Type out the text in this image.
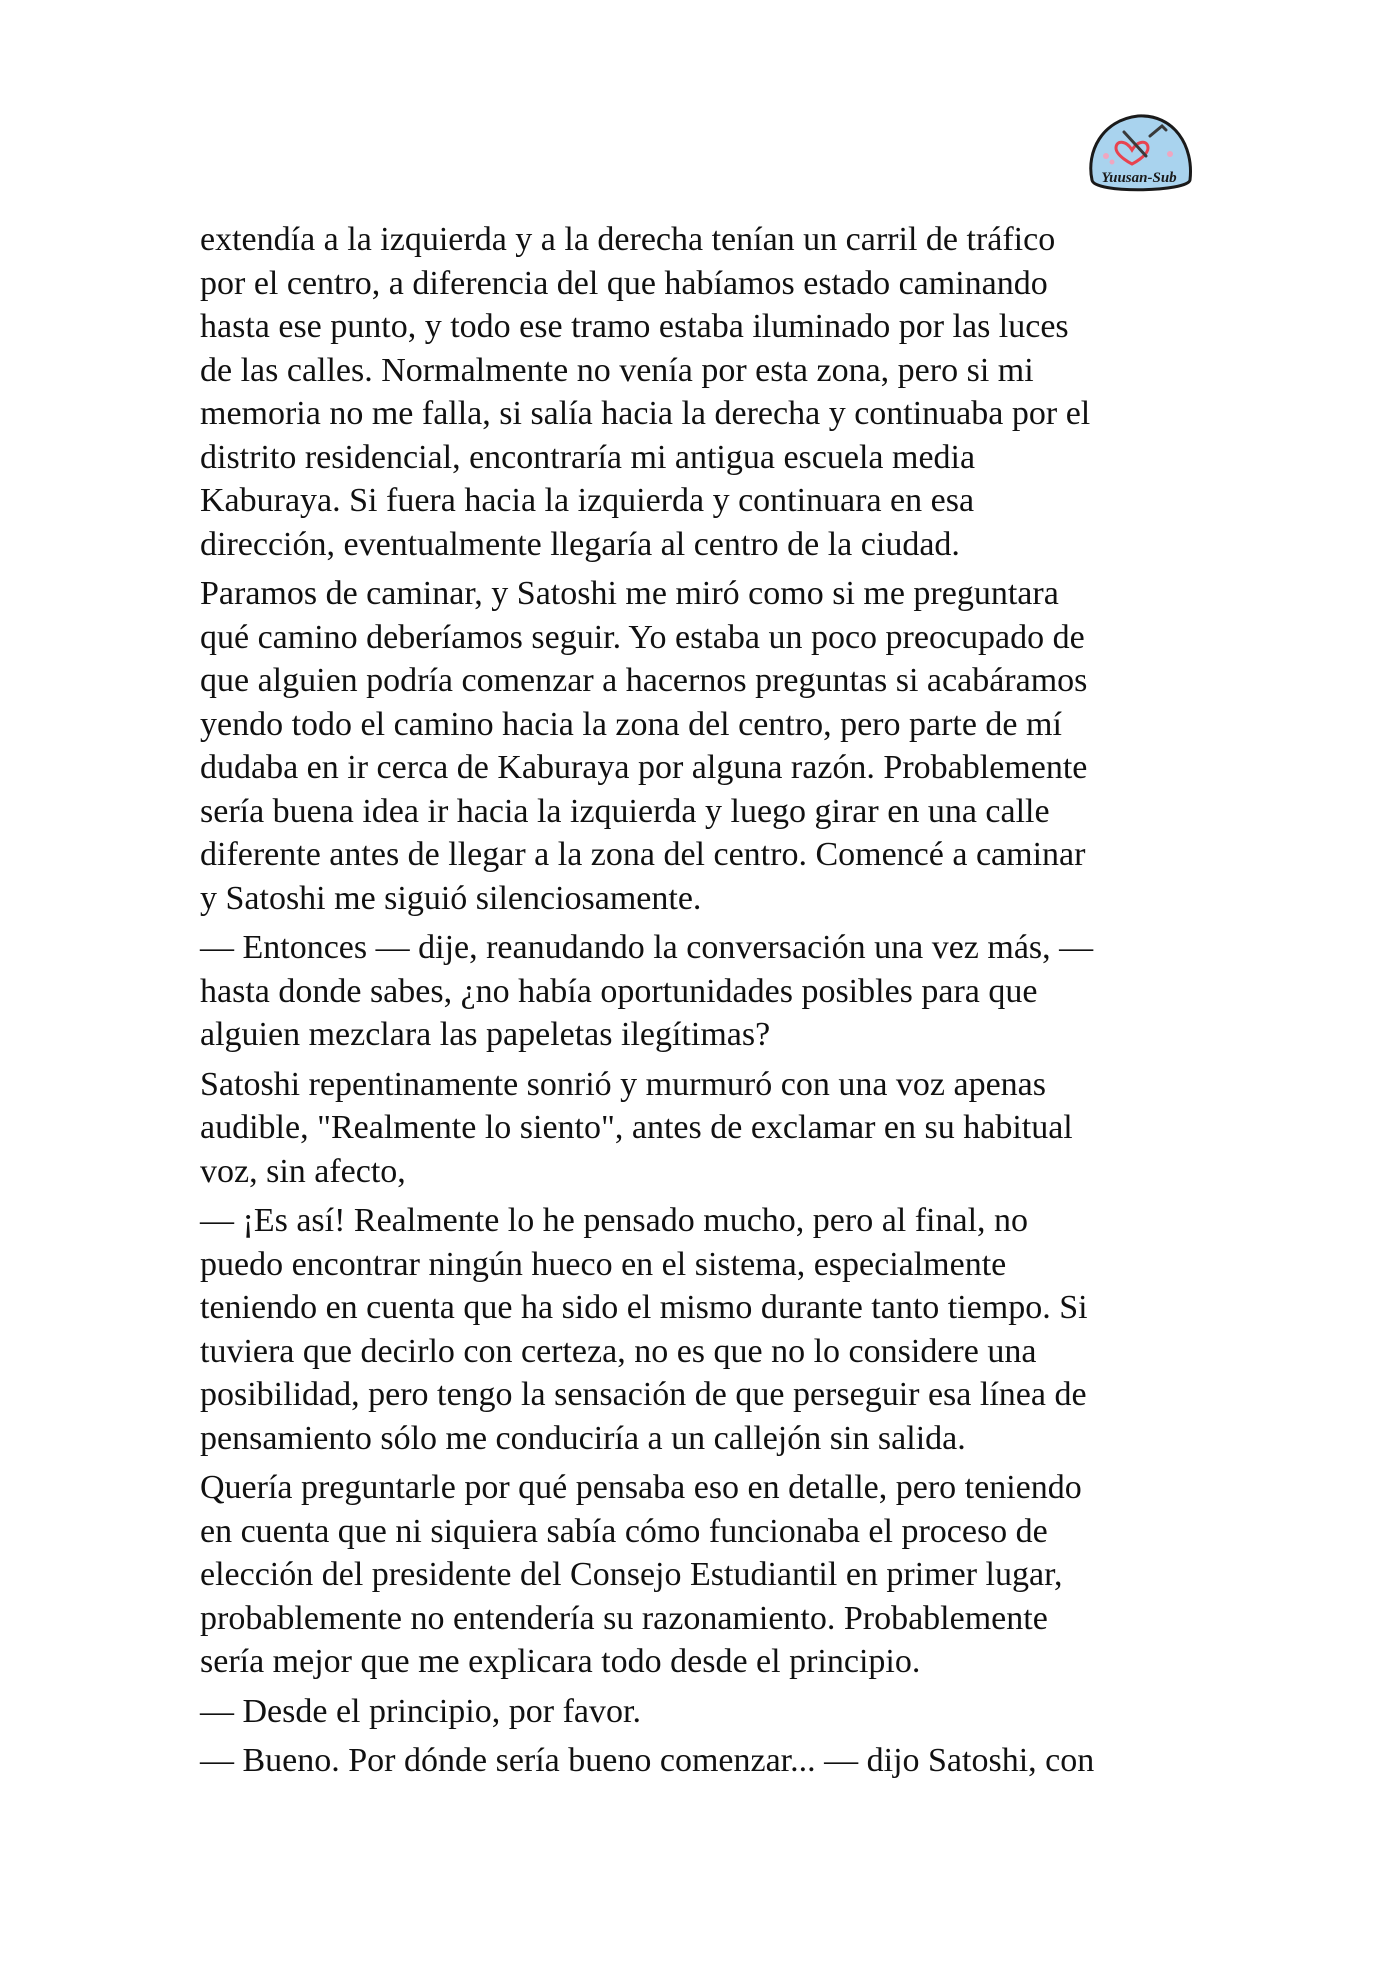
Yuusan-Sub

extendía a la izquierda y a la derecha tenían un carril de tráfico
por el centro, a diferencia del que habíamos estado caminando
hasta ese punto, y todo ese tramo estaba iluminado por las luces
de las calles. Normalmente no venía por esta zona, pero si mi
memoria no me falla, si salía hacia la derecha y continuaba por el
distrito residencial, encontraría mi antigua escuela media
Kaburaya. Si fuera hacia la izquierda y continuara en esa
dirección, eventualmente llegaría al centro de la ciudad.

Paramos de caminar, y Satoshi me miró como si me preguntara
qué camino deberíamos seguir. Yo estaba un poco preocupado de
que alguien podría comenzar a hacernos preguntas si acabáramos
yendo todo el camino hacia la zona del centro, pero parte de mí
dudaba en ir cerca de Kaburaya por alguna razón. Probablemente
sería buena idea ir hacia la izquierda y luego girar en una calle
diferente antes de llegar a la zona del centro. Comencé a caminar
y Satoshi me siguió silenciosamente.

— Entonces — dije, reanudando la conversación una vez más, —
hasta donde sabes, ¿no había oportunidades posibles para que
alguien mezclara las papeletas ilegítimas?

Satoshi repentinamente sonrió y murmuró con una voz apenas
audible, "Realmente lo siento", antes de exclamar en su habitual
voz, sin afecto,

— ¡Es así! Realmente lo he pensado mucho, pero al final, no
puedo encontrar ningún hueco en el sistema, especialmente
teniendo en cuenta que ha sido el mismo durante tanto tiempo. Si
tuviera que decirlo con certeza, no es que no lo considere una
posibilidad, pero tengo la sensación de que perseguir esa línea de
pensamiento sólo me conduciría a un callejón sin salida.

Quería preguntarle por qué pensaba eso en detalle, pero teniendo
en cuenta que ni siquiera sabía cómo funcionaba el proceso de
elección del presidente del Consejo Estudiantil en primer lugar,
probablemente no entendería su razonamiento. Probablemente
sería mejor que me explicara todo desde el principio.

— Desde el principio, por favor.

— Bueno. Por dónde sería bueno comenzar... — dijo Satoshi, con
